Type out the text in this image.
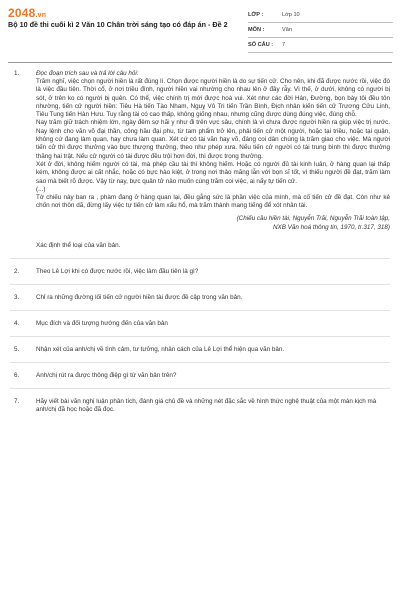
2048.vn
Bộ 10 đề thi cuối kì 2 Văn 10 Chân trời sáng tạo có đáp án - Đề 2
LỚP :	Lớp 10
MÔN :	Văn
SỐ CÂU :	7
1.	Đọc đoạn trích sau và trả lời câu hỏi:
Trăm nghĩ, việc chọn người hiền là rất đúng lí. Chọn được người hiền là do sự tiến cử. Cho nên, khi đã được nước rồi, việc đó là việc đầu tiên. Thời cổ, ở nơi triều đình, người hiền vai nhường cho nhau lên ở đầy rẫy. Vì thế, ở dưới, không có người bị sót, ở trên ko có người bị quên. Có thể, việc chính trị mới được hoà vui. Xét như các đời Hán, Đường, bọn bày tôi đều tôn nhường, tiến cử người hiền: Tiêu Hà tiến Tào Nham, Nguỵ Vô Tri tiến Trần Bình, Địch nhân kiến tiến cử Trương Cửu Linh, Tiêu Tung tiến Hàn Hưu. Tuy rằng tài có cao thấp, không giống nhau, nhưng cũng được dùng đúng việc, đúng chỗ.
Nay trăm giữ trách nhiệm lớn, ngày đêm sợ hãi y như đi trên vực sâu, chính là vì chưa được người hiền ra giúp việc trị nước. Nay lệnh cho văn võ đại thần, công hầu đại phu, từ tam phẩm trở lên, phải tiến cử một người, hoặc tại triều, hoặc tại quận, không cứ đang làm quan, hay chưa làm quan. Xét cứ có tài văn hay võ, đáng coi dân chúng là trăm giao cho việc. Mà người tiến cử thì được thưởng vào bực thượng thưởng, theo như phép xưa. Nếu tiến cử người có tài trung bình thì được thưởng thăng hai trật. Nếu cử người có tài được đều trội hơn đời, thì được trọng thưởng.
Xét ở đời, không hiếm người có tài, mà phép cầu tài thì không hiếm. Hoặc có người đủ tài kinh luân, ở hàng quan lại thấp kém, không được ai cất nhắc, hoặc có bực hào kiệt, ở trong nơi thảo mãng lẫn với bọn sĩ tốt, vì thiếu người đề đạt, trăm làm sao mà biết rõ được. Vậy từ nay, bực quân tử nào muốn cùng trăm coi việc, ai nấy tự tiến cử.
(...)
Tờ chiếu này ban ra , phàm đang ở hàng quan lại, đều gắng sức là phần việc của mình, mà cố tiến cử đề đạt. Còn như kẻ chốn nơi thôn dã, đừng lấy việc tự tiến cử làm xấu hổ, mà trăm thành mang tiếng để xót nhân tài.
(Chiếu cầu hiền tài, Nguyễn Trãi, Nguyễn Trãi toàn tập,
NXB Văn hoá thông tin, 1970, tr.317, 318)
Xác định thể loại của văn bản.
2.	Theo Lê Lợi khi có được nước rồi, việc làm đầu tiên là gì?
3.	Chỉ ra những đường lối tiến cử người hiền tài được đề cập trong văn bản.
4.	Mục đích và đối tượng hướng đến của văn bản
5.	Nhận xét của anh/chị về tình cảm, tư tưởng, nhân cách của Lê Lợi thể hiện qua văn bản.
6.	Anh/chị rút ra được thông điệp gì từ văn bản trên?
7.	Hãy viết bài văn nghị luận phân tích, đánh giá chủ đề và những nét đặc sắc về hình thức nghệ thuật của một màn kịch mà anh/chị đã học hoặc đã đọc.
